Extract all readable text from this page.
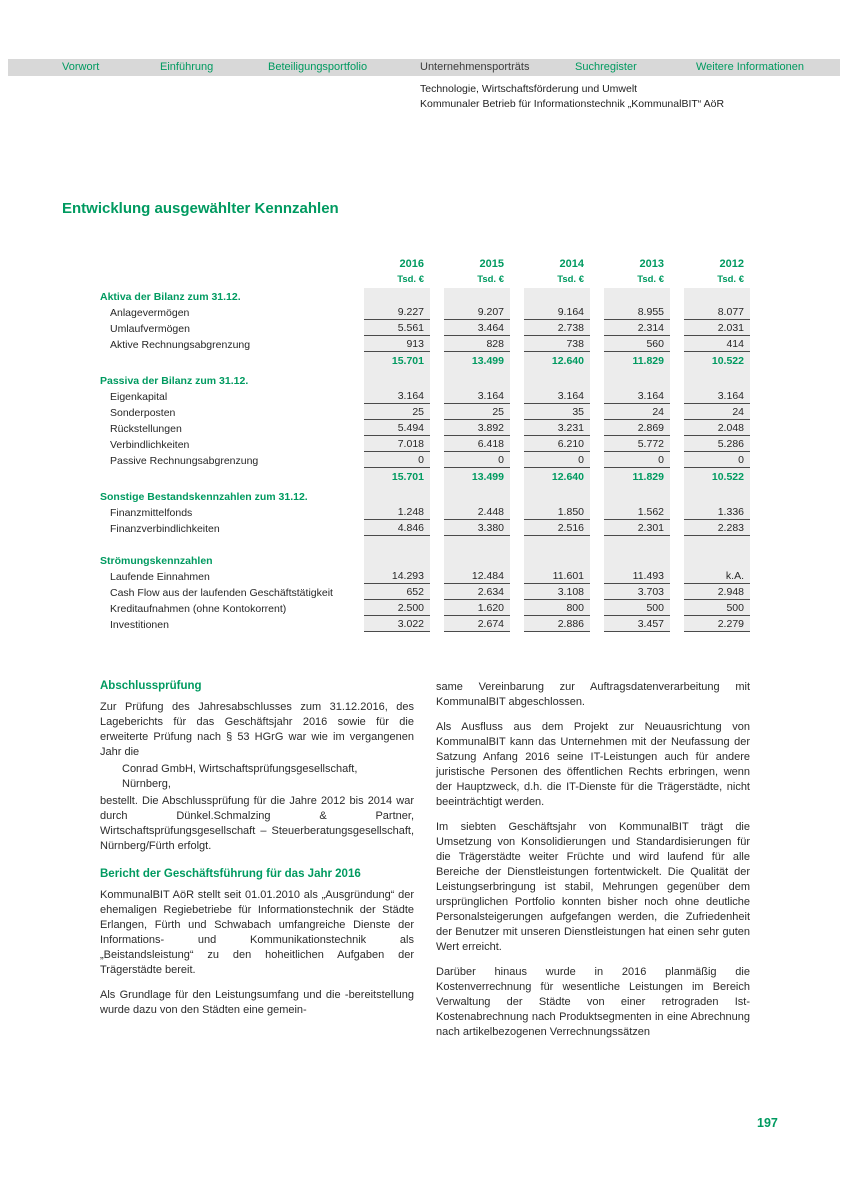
Vorwort	Einführung	Beteiligungsportfolio	Unternehmensporträts	Suchregister	Weitere Informationen
Technologie, Wirtschaftsförderung und Umwelt
Kommunaler Betrieb für Informationstechnik „KommunalBIT“ AöR
Entwicklung ausgewählter Kennzahlen
2016	2015	2014	2013	2012
Tsd. €	Tsd. €	Tsd. €	Tsd. €	Tsd. €
Aktiva der Bilanz zum 31.12.
Anlagevermögen	9.227	9.207	9.164	8.955	8.077
Umlaufvermögen	5.561	3.464	2.738	2.314	2.031
Aktive Rechnungsabgrenzung	913	828	738	560	414
15.701	13.499	12.640	11.829	10.522
Passiva der Bilanz zum 31.12.
Eigenkapital	3.164	3.164	3.164	3.164	3.164
Sonderposten	25	25	35	24	24
Rückstellungen	5.494	3.892	3.231	2.869	2.048
Verbindlichkeiten	7.018	6.418	6.210	5.772	5.286
Passive Rechnungsabgrenzung	0	0	0	0	0
15.701	13.499	12.640	11.829	10.522
Sonstige Bestandskennzahlen zum 31.12.
Finanzmittelfonds	1.248	2.448	1.850	1.562	1.336
Finanzverbindlichkeiten	4.846	3.380	2.516	2.301	2.283
Strömungskennzahlen
Laufende Einnahmen	14.293	12.484	11.601	11.493	k.A.
Cash Flow aus der laufenden Geschäftstätigkeit	652	2.634	3.108	3.703	2.948
Kreditaufnahmen (ohne Kontokorrent)	2.500	1.620	800	500	500
Investitionen	3.022	2.674	2.886	3.457	2.279
Abschlussprüfung

Zur Prüfung des Jahresabschlusses zum 31.12.2016, des Lageberichts für das Geschäftsjahr 2016 sowie für die erweiterte Prüfung nach § 53 HGrG war wie im vergangenen Jahr die

Conrad GmbH, Wirtschaftsprüfungsgesellschaft,

Nürnberg,

bestellt. Die Abschlussprüfung für die Jahre 2012 bis 2014 war durch Dünkel.Schmalzing & Partner, Wirtschaftsprüfungsgesellschaft – Steuerberatungsgesellschaft, Nürnberg/Fürth erfolgt.

Bericht der Geschäftsführung für das Jahr 2016

KommunalBIT AöR stellt seit 01.01.2010 als „Ausgründung“ der ehemaligen Regiebetriebe für Informationstechnik der Städte Erlangen, Fürth und Schwabach umfangreiche Dienste der Informations- und Kommunikationstechnik als „Beistandsleistung“ zu den hoheitlichen Aufgaben der Trägerstädte bereit.

Als Grundlage für den Leistungsumfang und die -bereitstellung wurde dazu von den Städten eine gemein-

same Vereinbarung zur Auftragsdatenverarbeitung mit KommunalBIT abgeschlossen.

Als Ausfluss aus dem Projekt zur Neuausrichtung von KommunalBIT kann das Unternehmen mit der Neufassung der Satzung Anfang 2016 seine IT-Leistungen auch für andere juristische Personen des öffentlichen Rechts erbringen, wenn der Hauptzweck, d.h. die IT-Dienste für die Trägerstädte, nicht beeinträchtigt werden.

Im siebten Geschäftsjahr von KommunalBIT trägt die Umsetzung von Konsolidierungen und Standardisierungen für die Trägerstädte weiter Früchte und wird laufend für alle Bereiche der Dienstleistungen fortentwickelt. Die Qualität der Leistungserbringung ist stabil, Mehrungen gegenüber dem ursprünglichen Portfolio konnten bisher noch ohne deutliche Personalsteigerungen aufgefangen werden, die Zufriedenheit der Benutzer mit unseren Dienstleistungen hat einen sehr guten Wert erreicht.

Darüber hinaus wurde in 2016 planmäßig die Kostenverrechnung für wesentliche Leistungen im Bereich Verwaltung der Städte von einer retrograden Ist-Kostenabrechnung nach Produktsegmenten in eine Abrechnung nach artikelbezogenen Verrechnungssätzen

197
